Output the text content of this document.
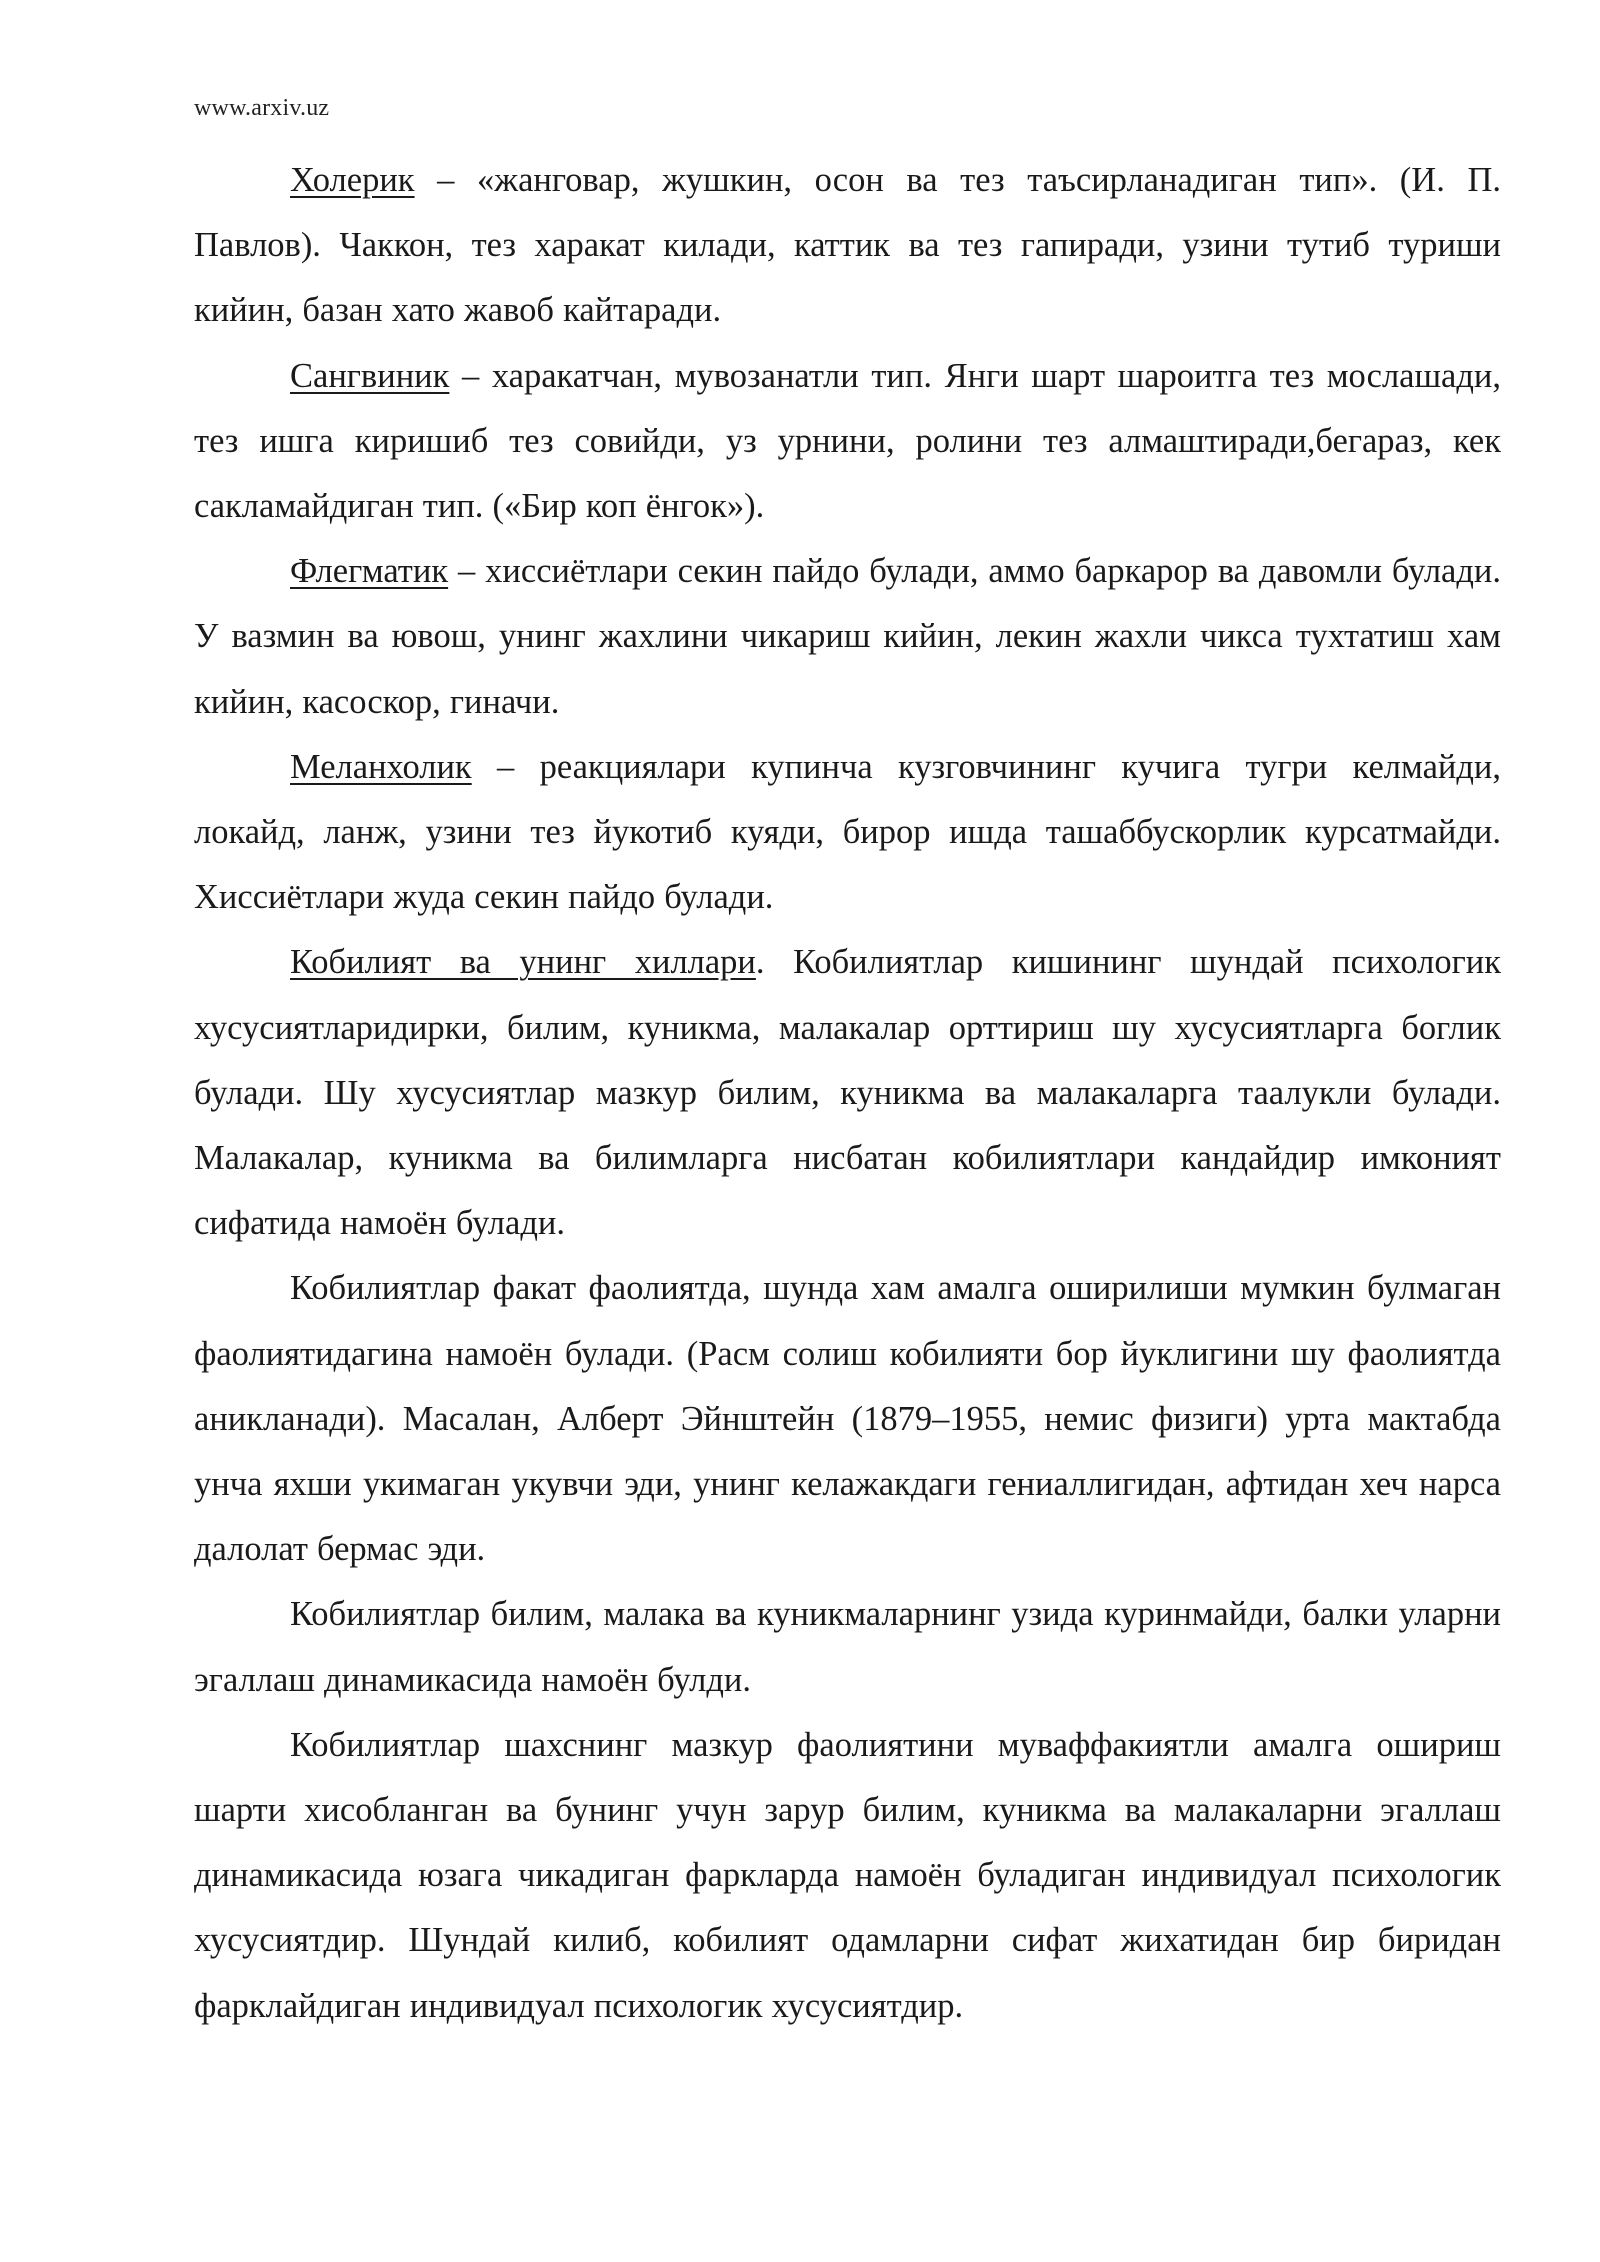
www.arxiv.uz

Холерик – «жанговар, жушкин, осон ва тез таъсирланадиган тип». (И. П. Павлов). Чаккон, тез харакат килади, каттик ва тез гапиради, узини тутиб туриши кийин, базан хато жавоб кайтаради.

Сангвиник – харакатчан, мувозанатли тип. Янги шарт шароитга тез мослашади, тез ишга киришиб тез совийди, уз урнини, ролини тез алмаштиради,бегараз, кек сакламайдиган тип. («Бир коп ёнгок»).

Флегматик – хиссиётлари секин пайдо булади, аммо баркарор ва давомли булади. У вазмин ва ювош, унинг жахлини чикариш кийин, лекин жахли чикса тухтатиш хам кийин, касоскор, гиначи.

Меланхолик – реакциялари купинча кузговчининг кучига тугри келмайди, локайд, ланж, узини тез йукотиб куяди, бирор ишда ташаббускорлик курсатмайди. Хиссиётлари жуда секин пайдо булади.

Кобилият ва унинг хиллари. Кобилиятлар кишининг шундай психологик хусусиятларидирки, билим, куникма, малакалар орттириш шу хусусиятларга боглик булади. Шу хусусиятлар мазкур билим, куникма ва малакаларга таалукли булади. Малакалар, куникма ва билимларга нисбатан кобилиятлари кандайдир имконият сифатида намоён булади.

Кобилиятлар факат фаолиятда, шунда хам амалга оширилиши мумкин булмаган фаолиятидагина намоён булади. (Расм солиш кобилияти бор йуклигини шу фаолиятда аникланади). Масалан, Алберт Эйнштейн (1879–1955, немис физиги) урта мактабда унча яхши укимаган укувчи эди, унинг келажакдаги гениаллигидан, афтидан хеч нарса далолат бермас эди.

Кобилиятлар билим, малака ва куникмаларнинг узида куринмайди, балки уларни эгаллаш динамикасида намоён булди.

Кобилиятлар шахснинг мазкур фаолиятини муваффакиятли амалга ошириш шарти хисобланган ва бунинг учун зарур билим, куникма ва малакаларни эгаллаш динамикасида юзага чикадиган фаркларда намоён буладиган индивидуал психологик хусусиятдир. Шундай килиб, кобилият одамларни сифат жихатидан бир биридан фарклайдиган индивидуал психологик хусусиятдир.
